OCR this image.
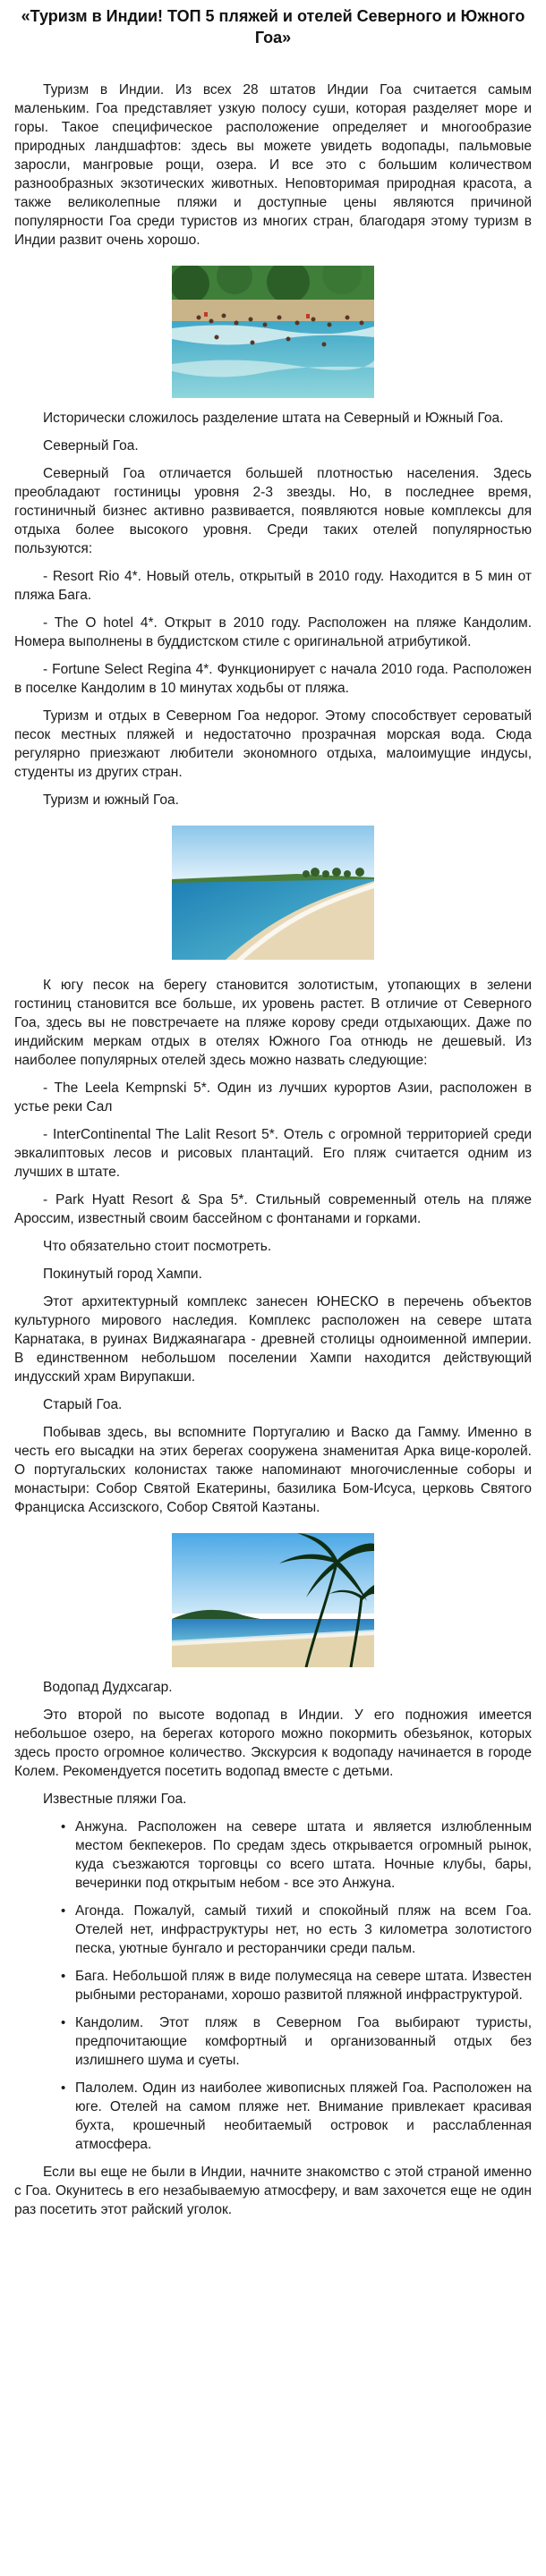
«Туризм в Индии! ТОП 5 пляжей и отелей Северного и Южного Гоа»

Туризм в Индии. Из всех 28 штатов Индии Гоа считается самым маленьким. Гоа представляет узкую полосу суши, которая разделяет море и горы. Такое специфическое расположение определяет и многообразие природных ландшафтов: здесь вы можете увидеть водопады, пальмовые заросли, мангровые рощи, озера. И все это с большим количеством разнообразных экзотических животных. Неповторимая природная красота, а также великолепные пляжи и доступные цены являются причиной популярности Гоа среди туристов из многих стран, благодаря этому туризм в Индии развит очень хорошо.

Исторически сложилось разделение штата на Северный и Южный Гоа.

Северный Гоа.

Северный Гоа отличается большей плотностью населения. Здесь преобладают гостиницы уровня 2-3 звезды. Но, в последнее время, гостиничный бизнес активно развивается, появляются новые комплексы для отдыха более высокого уровня. Среди таких отелей популярностью пользуются:

- Resort Rio 4*. Новый отель, открытый в 2010 году. Находится в 5 мин от пляжа Бага.

- The O hotel 4*. Открыт в 2010 году. Расположен на пляже Кандолим. Номера выполнены в буддистском стиле с оригинальной атрибутикой.

- Fortune Select Regina 4*. Функционирует с начала 2010 года. Расположен в поселке Кандолим в 10 минутах ходьбы от пляжа.

Туризм и отдых в Северном Гоа недорог. Этому способствует сероватый песок местных пляжей и недостаточно прозрачная морская вода. Сюда регулярно приезжают любители экономного отдыха, малоимущие индусы, студенты из других стран.

Туризм и южный Гоа.

К югу песок на берегу становится золотистым, утопающих в зелени гостиниц становится все больше, их уровень растет. В отличие от Северного Гоа, здесь вы не повстречаете на пляже корову среди отдыхающих. Даже по индийским меркам отдых в отелях Южного Гоа отнюдь не дешевый. Из наиболее популярных отелей здесь можно назвать следующие:

- The Leela Kempnski 5*. Один из лучших курортов Азии, расположен в устье реки Сал

- InterContinental The Lalit Resort 5*. Отель с огромной территорией среди эвкалиптовых лесов и рисовых плантаций. Его пляж считается одним из лучших в штате.

- Park Hyatt Resort & Spa 5*. Стильный современный отель на пляже Ароссим, известный своим бассейном с фонтанами и горками.

Что обязательно стоит посмотреть.

Покинутый город Хампи.

Этот архитектурный комплекс занесен ЮНЕСКО в перечень объектов культурного мирового наследия. Комплекс расположен на севере штата Карнатака, в руинах Виджаянагара - древней столицы одноименной империи. В единственном небольшом поселении Хампи находится действующий индусский храм Вирупакши.

Старый Гоа.

Побывав здесь, вы вспомните Португалию и Васко да Гамму. Именно в честь его высадки на этих берегах сооружена знаменитая Арка вице-королей. О португальских колонистах также напоминают многочисленные соборы и монастыри: Собор Святой Екатерины, базилика Бом-Исуса, церковь Святого Франциска Ассизского, Собор Святой Каэтаны.

Водопад Дудхсагар.

Это второй по высоте водопад в Индии. У его подножия имеется небольшое озеро, на берегах которого можно покормить обезьянок, которых здесь просто огромное количество. Экскурсия к водопаду начинается в городе Колем. Рекомендуется посетить водопад вместе с детьми.

Известные пляжи Гоа.

• Анжуна. Расположен на севере штата и является излюбленным местом бекпекеров. По средам здесь открывается огромный рынок, куда съезжаются торговцы со всего штата. Ночные клубы, бары, вечеринки под открытым небом - все это Анжуна.
• Агонда. Пожалуй, самый тихий и спокойный пляж на всем Гоа. Отелей нет, инфраструктуры нет, но есть 3 километра золотистого песка, уютные бунгало и ресторанчики среди пальм.
• Бага. Небольшой пляж в виде полумесяца на севере штата. Известен рыбными ресторанами, хорошо развитой пляжной инфраструктурой.
• Кандолим. Этот пляж в Северном Гоа выбирают туристы, предпочитающие комфортный и организованный отдых без излишнего шума и суеты.
• Палолем. Один из наиболее живописных пляжей Гоа. Расположен на юге. Отелей на самом пляже нет. Внимание привлекает красивая бухта, крошечный необитаемый островок и расслабленная атмосфера.

Если вы еще не были в Индии, начните знакомство с этой страной именно с Гоа. Окунитесь в его незабываемую атмосферу, и вам захочется еще не один раз посетить этот райский уголок.
